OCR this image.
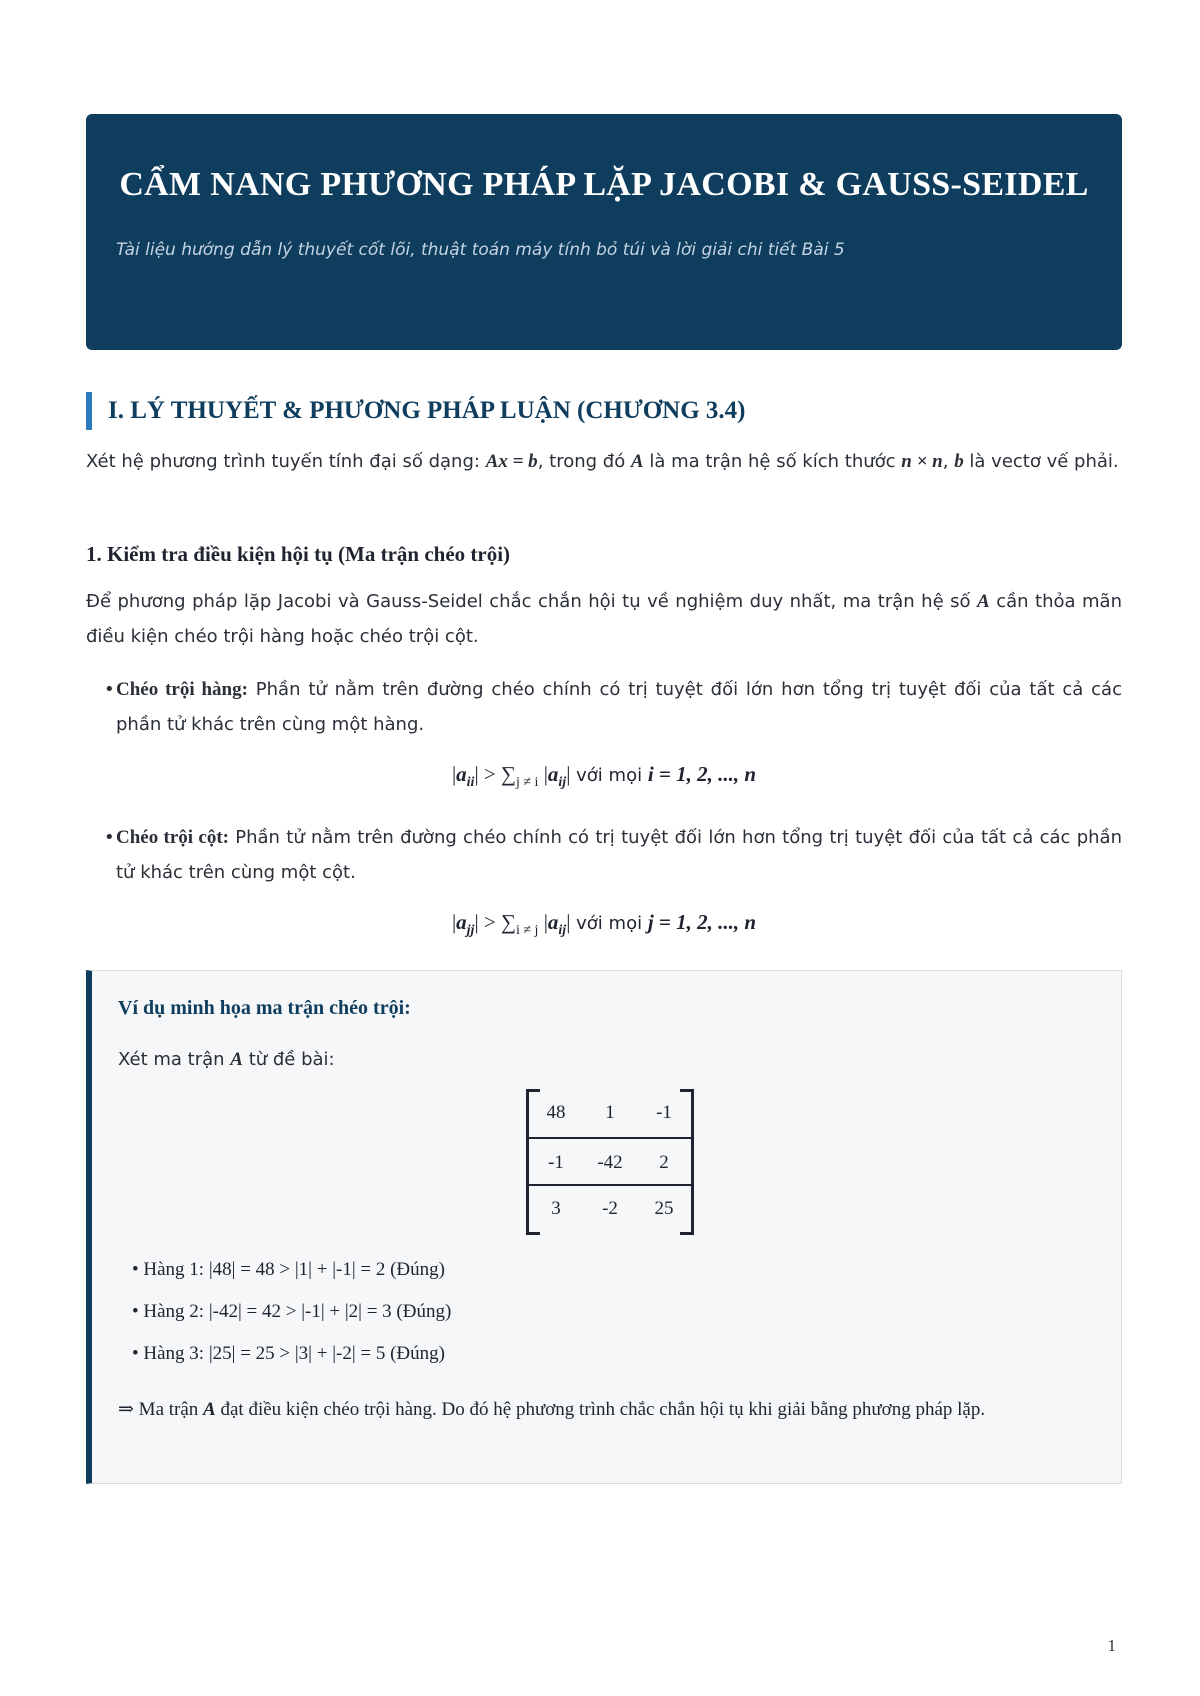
CẨM NANG PHƯƠNG PHÁP LẶP JACOBI & GAUSS-SEIDEL
Tài liệu hướng dẫn lý thuyết cốt lõi, thuật toán máy tính bỏ túi và lời giải chi tiết Bài 5
I. LÝ THUYẾT & PHƯƠNG PHÁP LUẬN (CHƯƠNG 3.4)
Xét hệ phương trình tuyến tính đại số dạng: Ax = b, trong đó A là ma trận hệ số kích thước n × n, b là vectơ vế phải.
1. Kiểm tra điều kiện hội tụ (Ma trận chéo trội)
Để phương pháp lặp Jacobi và Gauss-Seidel chắc chắn hội tụ về nghiệm duy nhất, ma trận hệ số A cần thỏa mãn điều kiện chéo trội hàng hoặc chéo trội cột.
• Chéo trội hàng: Phần tử nằm trên đường chéo chính có trị tuyệt đối lớn hơn tổng trị tuyệt đối của tất cả các phần tử khác trên cùng một hàng.
$|a_{ii}| > \sum_{j \ne i}$ $|a_{ij}|$ với mọi i = 1, 2, ..., n
• Chéo trội cột: Phần tử nằm trên đường chéo chính có trị tuyệt đối lớn hơn tổng trị tuyệt đối của tất cả các phần tử khác trên cùng một cột.
$|a_{jj}| > \sum_{i \ne j}$ $|a_{ij}|$ với mọi j = 1, 2, ..., n
Ví dụ minh họa ma trận chéo trội:
Xét ma trận A từ đề bài:
48	1	-1
-1	-42	2
3	-2	25
• Hàng 1: |48| = 48 > |1| + |-1| = 2 (Đúng)
• Hàng 2: |-42| = 42 > |-1| + |2| = 3 (Đúng)
• Hàng 3: |25| = 25 > |3| + |-2| = 5 (Đúng)
⇒ Ma trận A đạt điều kiện chéo trội hàng. Do đó hệ phương trình chắc chắn hội tụ khi giải bằng phương pháp lặp.
1
